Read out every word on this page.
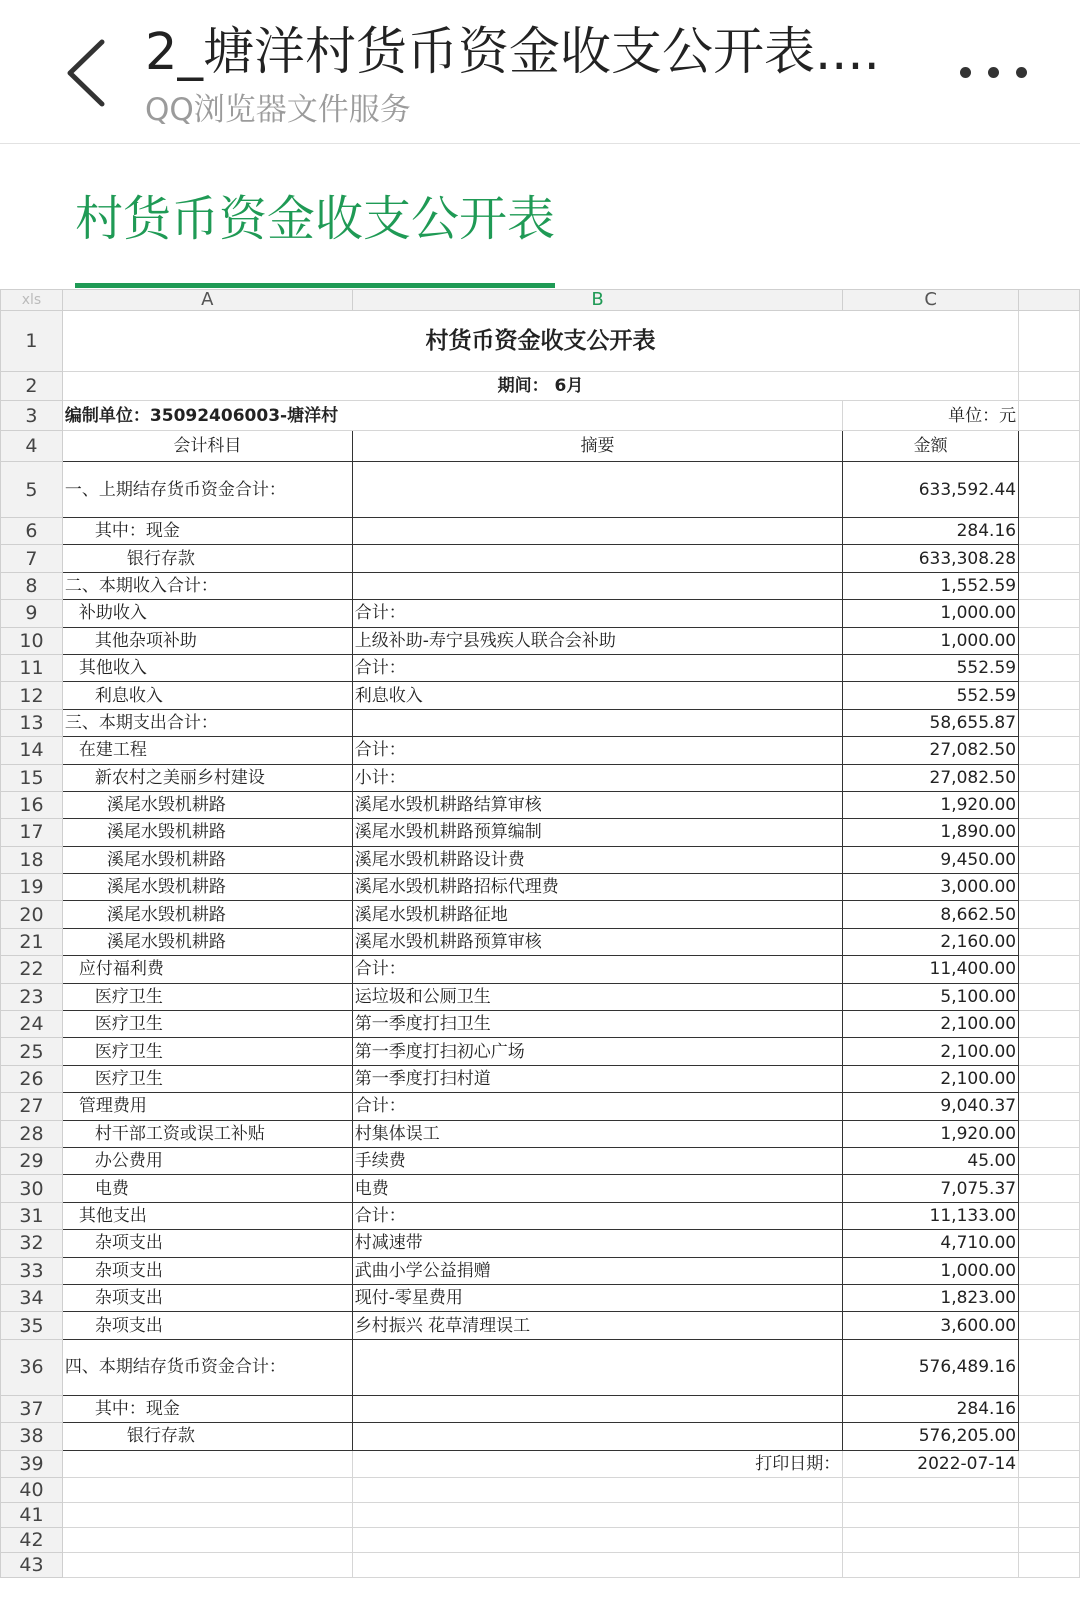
2_塘洋村货币资金收支公开表....
QQ浏览器文件服务
村货币资金收支公开表
xls	A	B	C	
1	村货币资金收支公开表			
2	期间： 6月			
3	编制单位：35092406003-塘洋村		单位：元	
4	会计科目	摘要	金额	
5	一、上期结存货币资金合计：		633,592.44	
6	其中：现金		284.16	
7	银行存款		633,308.28	
8	二、本期收入合计：		1,552.59	
9	补助收入	合计：	1,000.00	
10	其他杂项补助	上级补助-寿宁县残疾人联合会补助	1,000.00	
11	其他收入	合计：	552.59	
12	利息收入	利息收入	552.59	
13	三、本期支出合计：		58,655.87	
14	在建工程	合计：	27,082.50	
15	新农村之美丽乡村建设	小计：	27,082.50	
16	溪尾水毁机耕路	溪尾水毁机耕路结算审核	1,920.00	
17	溪尾水毁机耕路	溪尾水毁机耕路预算编制	1,890.00	
18	溪尾水毁机耕路	溪尾水毁机耕路设计费	9,450.00	
19	溪尾水毁机耕路	溪尾水毁机耕路招标代理费	3,000.00	
20	溪尾水毁机耕路	溪尾水毁机耕路征地	8,662.50	
21	溪尾水毁机耕路	溪尾水毁机耕路预算审核	2,160.00	
22	应付福利费	合计：	11,400.00	
23	医疗卫生	运垃圾和公厕卫生	5,100.00	
24	医疗卫生	第一季度打扫卫生	2,100.00	
25	医疗卫生	第一季度打扫初心广场	2,100.00	
26	医疗卫生	第一季度打扫村道	2,100.00	
27	管理费用	合计：	9,040.37	
28	村干部工资或误工补贴	村集体误工	1,920.00	
29	办公费用	手续费	45.00	
30	电费	电费	7,075.37	
31	其他支出	合计：	11,133.00	
32	杂项支出	村减速带	4,710.00	
33	杂项支出	武曲小学公益捐赠	1,000.00	
34	杂项支出	现付-零星费用	1,823.00	
35	杂项支出	乡村振兴 花草清理误工	3,600.00	
36	四、本期结存货币资金合计：		576,489.16	
37	其中：现金		284.16	
38	银行存款		576,205.00	
39		打印日期：	2022-07-14	
40				
41				
42				
43				
